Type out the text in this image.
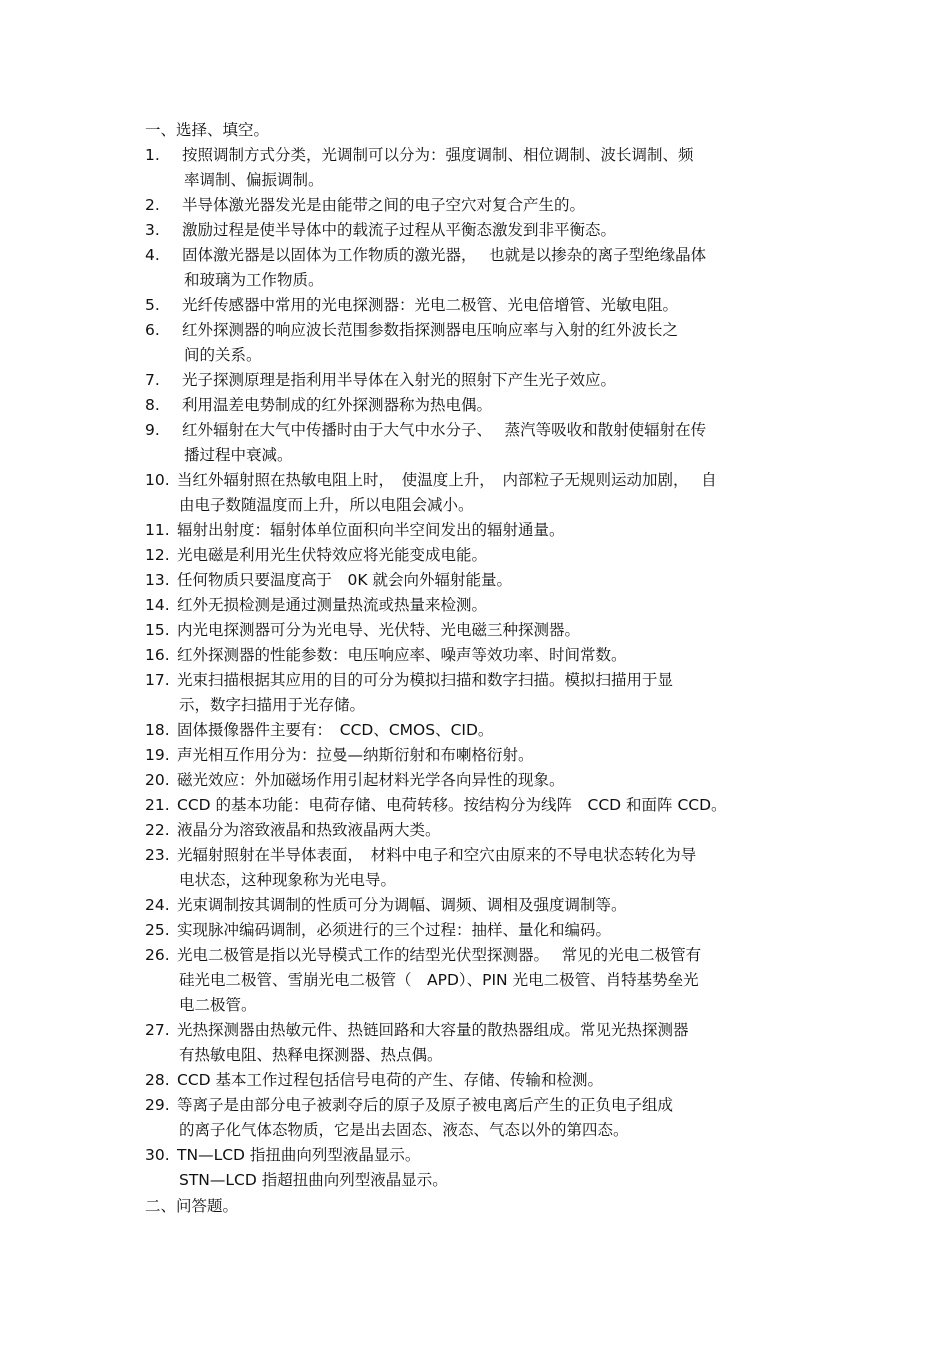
一、选择、填空。
1.	按照调制方式分类，光调制可以分为：强度调制、相位调制、波长调制、频
率调制、偏振调制。
2.	半导体激光器发光是由能带之间的电子空穴对复合产生的。
3.	激励过程是使半导体中的载流子过程从平衡态激发到非平衡态。
4.	固体激光器是以固体为工作物质的激光器，　 也就是以掺杂的离子型绝缘晶体
和玻璃为工作物质。
5.	光纤传感器中常用的光电探测器：光电二极管、光电倍增管、光敏电阻。
6.	红外探测器的响应波长范围参数指探测器电压响应率与入射的红外波长之
间的关系。
7.	光子探测原理是指利用半导体在入射光的照射下产生光子效应。
8.	利用温差电势制成的红外探测器称为热电偶。
9.	红外辐射在大气中传播时由于大气中水分子、　 蒸汽等吸收和散射使辐射在传
播过程中衰减。
10. 当红外辐射照在热敏电阻上时，　使温度上升，　内部粒子无规则运动加剧，　 自
由电子数随温度而上升，所以电阻会减小。
11. 辐射出射度：辐射体单位面积向半空间发出的辐射通量。
12. 光电磁是利用光生伏特效应将光能变成电能。
13. 任何物质只要温度高于　0K 就会向外辐射能量。
14. 红外无损检测是通过测量热流或热量来检测。
15. 内光电探测器可分为光电导、光伏特、光电磁三种探测器。
16. 红外探测器的性能参数：电压响应率、噪声等效功率、时间常数。
17. 光束扫描根据其应用的目的可分为模拟扫描和数字扫描。模拟扫描用于显
示，数字扫描用于光存储。
18. 固体摄像器件主要有：　CCD、CMOS、CID。
19. 声光相互作用分为：拉曼—纳斯衍射和布喇格衍射。
20. 磁光效应：外加磁场作用引起材料光学各向异性的现象。
21. CCD 的基本功能：电荷存储、电荷转移。按结构分为线阵　CCD 和面阵 CCD。
22. 液晶分为溶致液晶和热致液晶两大类。
23. 光辐射照射在半导体表面，　材料中电子和空穴由原来的不导电状态转化为导
电状态，这种现象称为光电导。
24. 光束调制按其调制的性质可分为调幅、调频、调相及强度调制等。
25. 实现脉冲编码调制，必须进行的三个过程：抽样、量化和编码。
26. 光电二极管是指以光导模式工作的结型光伏型探测器。　 常见的光电二极管有
硅光电二极管、雪崩光电二极管（　APD）、PIN 光电二极管、肖特基势垒光
电二极管。
27. 光热探测器由热敏元件、热链回路和大容量的散热器组成。常见光热探测器
有热敏电阻、热释电探测器、热点偶。
28. CCD 基本工作过程包括信号电荷的产生、存储、传输和检测。
29. 等离子是由部分电子被剥夺后的原子及原子被电离后产生的正负电子组成
的离子化气体态物质，它是出去固态、液态、气态以外的第四态。
30. TN—LCD 指扭曲向列型液晶显示。
STN—LCD 指超扭曲向列型液晶显示。
二、问答题。
